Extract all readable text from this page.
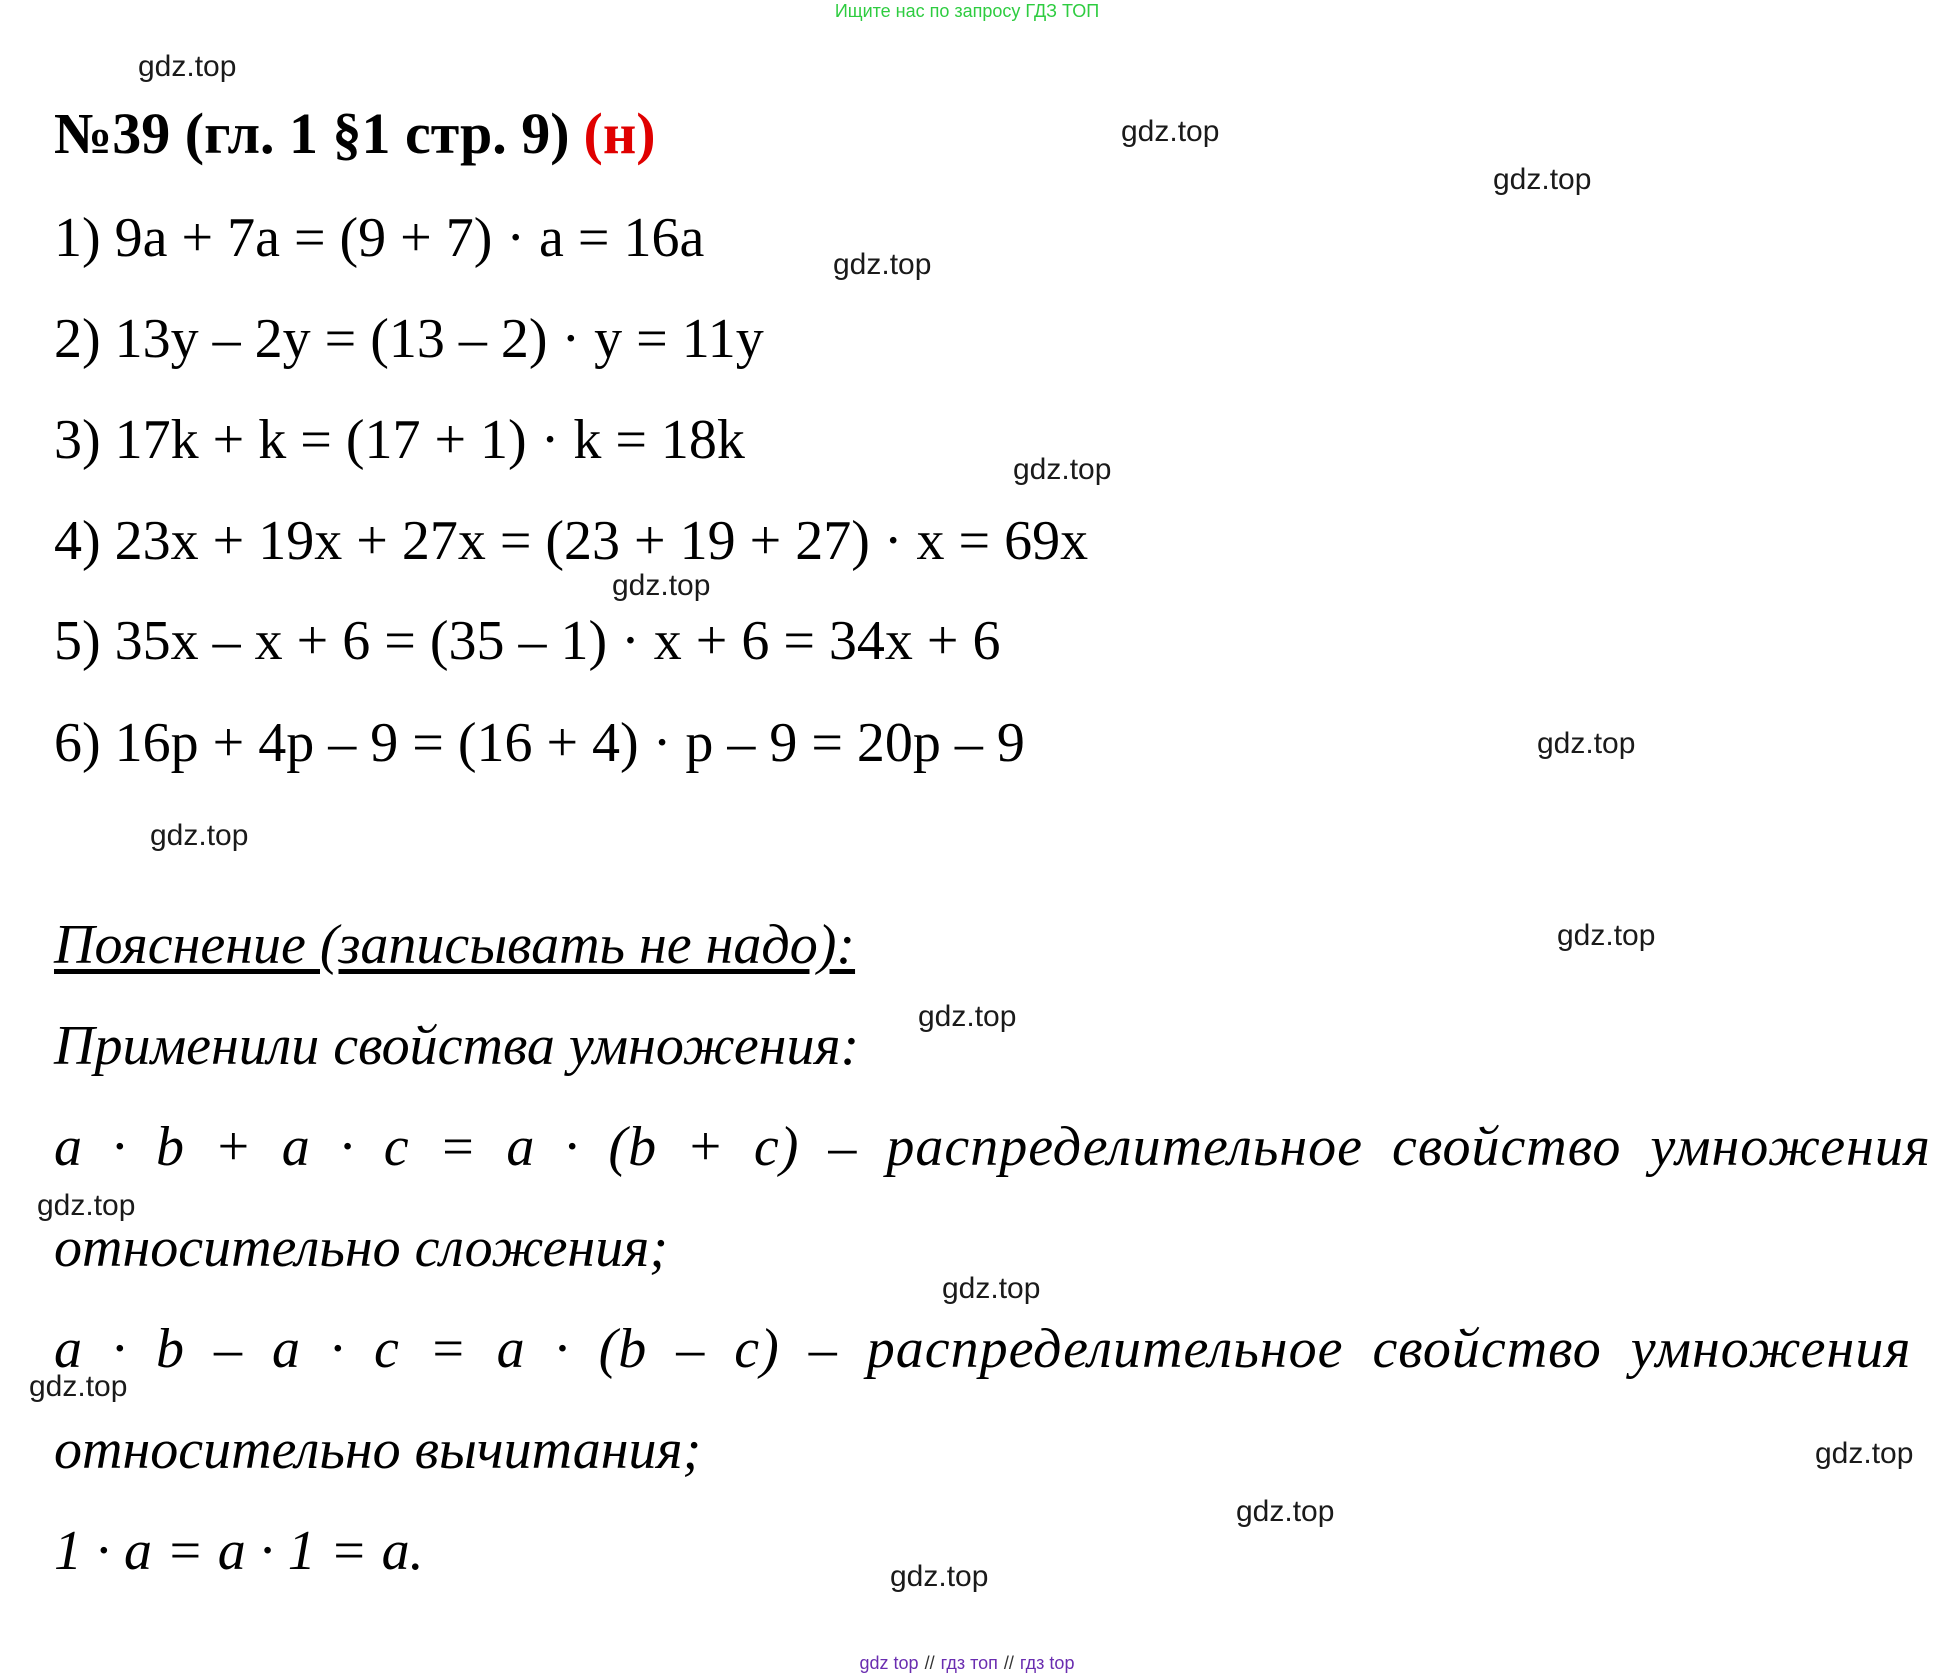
Ищите нас по запросу ГДЗ ТОП
№39 (гл. 1 §1 стр. 9) (н)
1) 9a + 7a = (9 + 7) · a = 16a
2) 13y – 2y = (13 – 2) · y = 11y
3) 17k + k = (17 + 1) · k = 18k
4) 23x + 19x + 27x = (23 + 19 + 27) · x = 69x
5) 35x – x + 6 = (35 – 1) · x + 6 = 34x + 6
6) 16p + 4p – 9 = (16 + 4) · p – 9 = 20p – 9
Пояснение (записывать не надо):
Применили свойства умножения:
a · b + a · c = a · (b + c) – распределительное свойство умножения
относительно сложения;
a · b – a · c = a · (b – c) – распределительное свойство умножения
относительно вычитания;
1 · a = a · 1 = a.
gdz.top
gdz.top
gdz.top
gdz.top
gdz.top
gdz.top
gdz.top
gdz.top
gdz.top
gdz.top
gdz.top
gdz.top
gdz.top
gdz.top
gdz.top
gdz.top
gdz top // гдз топ // гдз top
